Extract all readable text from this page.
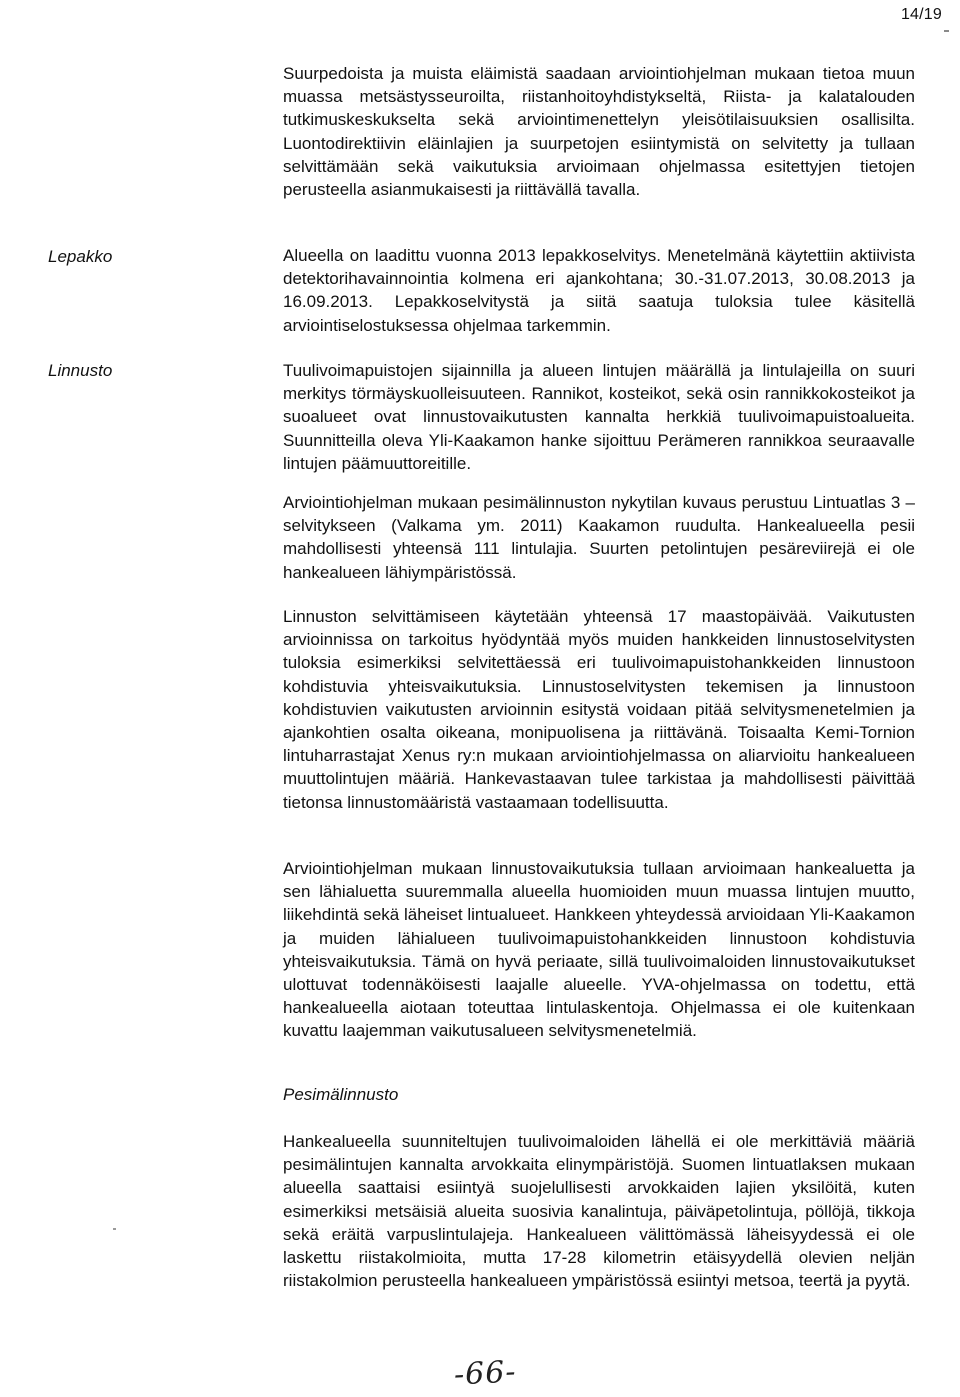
14/19

Suurpedoista ja muista eläimistä saadaan arviointiohjelman mukaan tietoa muun muassa metsästysseuroilta, riistanhoitoyhdistykseltä, Riista- ja kalatalouden tutkimuskeskukselta sekä arviointimenettelyn yleisötilaisuuksien osallisilta. Luontodirektiivin eläinlajien ja suurpetojen esiintymistä on selvitetty ja tullaan selvittämään sekä vaikutuksia arvioimaan ohjelmassa esitettyjen tietojen perusteella asianmukaisesti ja riittävällä tavalla.

Lepakko	Alueella on laadittu vuonna 2013 lepakkoselvitys. Menetelmänä käytettiin aktiivista detektorihavainnointia kolmena eri ajankohtana; 30.-31.07.2013, 30.08.2013 ja 16.09.2013. Lepakkoselvitystä ja siitä saatuja tuloksia tulee käsitellä arviointiselostuksessa ohjelmaa tarkemmin.

Linnusto	Tuulivoimapuistojen sijainnilla ja alueen lintujen määrällä ja lintulajeilla on suuri merkitys törmäyskuolleisuuteen. Rannikot, kosteikot, sekä osin rannikkokosteikot ja suoalueet ovat linnustovaikutusten kannalta herkkiä tuulivoimapuistoalueita. Suunnitteilla oleva Yli-Kaakamon hanke sijoittuu Perämeren rannikkoa seuraavalle lintujen päämuuttoreitille.

Arviointiohjelman mukaan pesimälinnuston nykytilan kuvaus perustuu Lintuatlas 3 –selvitykseen (Valkama ym. 2011) Kaakamon ruudulta. Hankealueella pesii mahdollisesti yhteensä 111 lintulajia. Suurten petolintujen pesäreviirejä ei ole hankealueen lähiympäristössä.

Linnuston selvittämiseen käytetään yhteensä 17 maastopäivää. Vaikutusten arvioinnissa on tarkoitus hyödyntää myös muiden hankkeiden linnustoselvitysten tuloksia esimerkiksi selvitettäessä eri tuulivoimapuistohankkeiden linnustoon kohdistuvia yhteisvaikutuksia. Linnustoselvitysten tekemisen ja linnustoon kohdistuvien vaikutusten arvioinnin esitystä voidaan pitää selvitysmenetelmien ja ajankohtien osalta oikeana, monipuolisena ja riittävänä. Toisaalta Kemi-Tornion lintuharrastajat Xenus ry:n mukaan arviointiohjelmassa on aliarvioitu hankealueen muuttolintujen määriä. Hankevastaavan tulee tarkistaa ja mahdollisesti päivittää tietonsa linnustomääristä vastaamaan todellisuutta.

Arviointiohjelman mukaan linnustovaikutuksia tullaan arvioimaan hankealuetta ja sen lähialuetta suuremmalla alueella huomioiden muun muassa lintujen muutto, liikehdintä sekä läheiset lintualueet. Hankkeen yhteydessä arvioidaan Yli-Kaakamon ja muiden lähialueen tuulivoimapuistohankkeiden linnustoon kohdistuvia yhteisvaikutuksia. Tämä on hyvä periaate, sillä tuulivoimaloiden linnustovaikutukset ulottuvat todennäköisesti laajalle alueelle. YVA-ohjelmassa on todettu, että hankealueella aiotaan toteuttaa lintulaskentoja. Ohjelmassa ei ole kuitenkaan kuvattu laajemman vaikutusalueen selvitysmenetelmiä.

Pesimälinnusto

Hankealueella suunniteltujen tuulivoimaloiden lähellä ei ole merkittäviä määriä pesimälintujen kannalta arvokkaita elinympäristöjä. Suomen lintuatlaksen mukaan alueella saattaisi esiintyä suojelullisesti arvokkaiden lajien yksilöitä, kuten esimerkiksi metsäisiä alueita suosivia kanalintuja, päiväpetolintuja, pöllöjä, tikkoja sekä eräitä varpuslintulajeja. Hankealueen välittömässä läheisyydessä ei ole laskettu riistakolmioita, mutta 17-28 kilometrin etäisyydellä olevien neljän riistakolmion perusteella hankealueen ympäristössä esiintyi metsoa, teertä ja pyytä.

-66-
